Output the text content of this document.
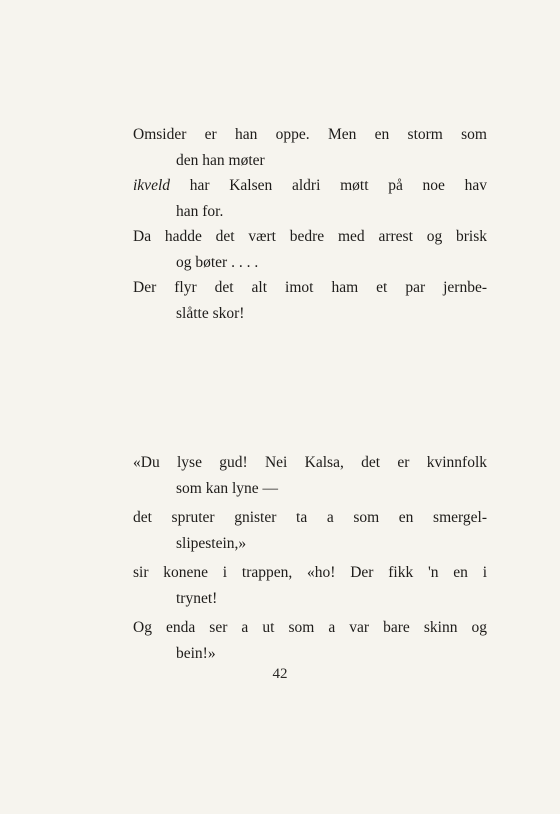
Omsider er han oppe. Men en storm som
den han møter
ikveld har Kalsen aldri møtt på noe hav
han for.
Da hadde det vært bedre med arrest og brisk
og bøter . . . .
Der flyr det alt imot ham et par jernbe-
slåtte skor!
«Du lyse gud! Nei Kalsa, det er kvinnfolk
som kan lyne —
det spruter gnister ta a som en smergel-
slipestein,»
sir konene i trappen, «ho! Der fikk 'n en i
trynet!
Og enda ser a ut som a var bare skinn og
bein!»
42
